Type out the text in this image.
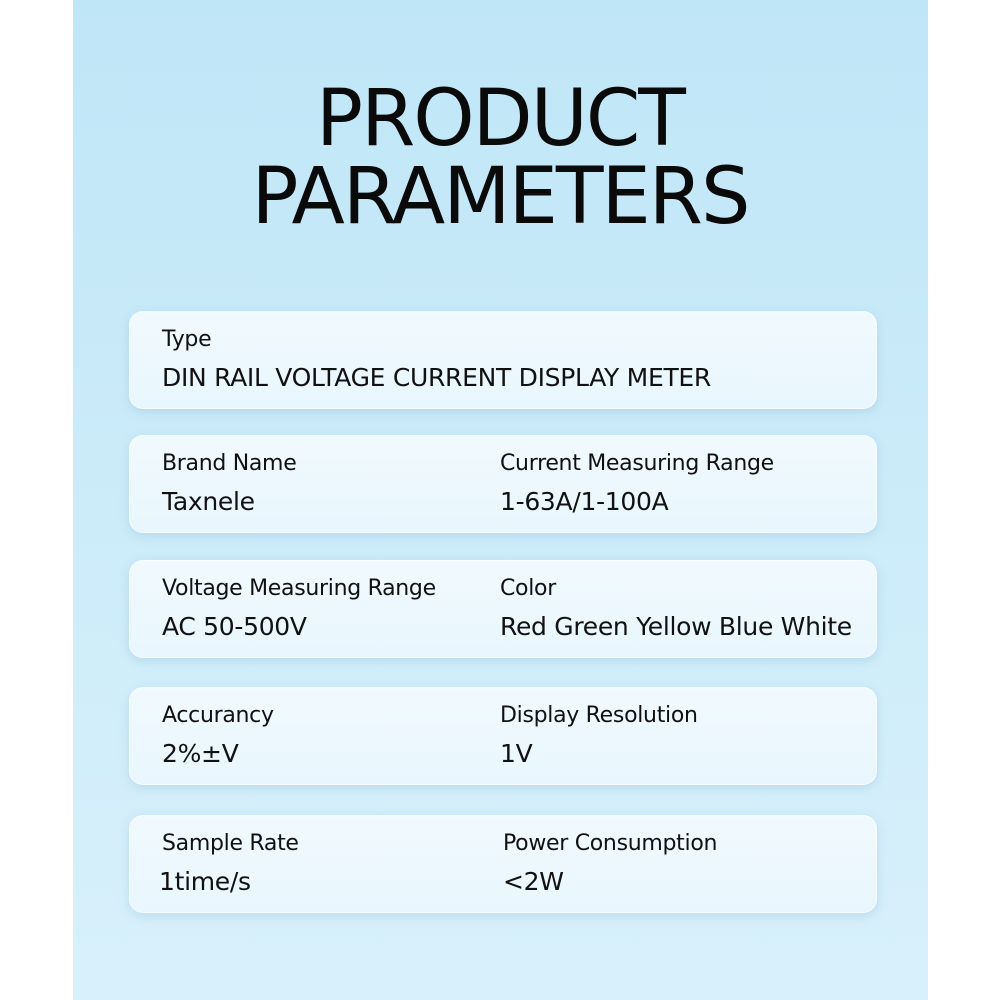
PRODUCT
PARAMETERS
Type
DIN RAIL VOLTAGE CURRENT DISPLAY METER
Brand Name
Taxnele
Current Measuring Range
1-63A/1-100A
Voltage Measuring Range
AC 50-500V
Color
Red Green Yellow Blue White
Accurancy
2%±V
Display Resolution
1V
Sample Rate
1time/s
Power Consumption
<2W
